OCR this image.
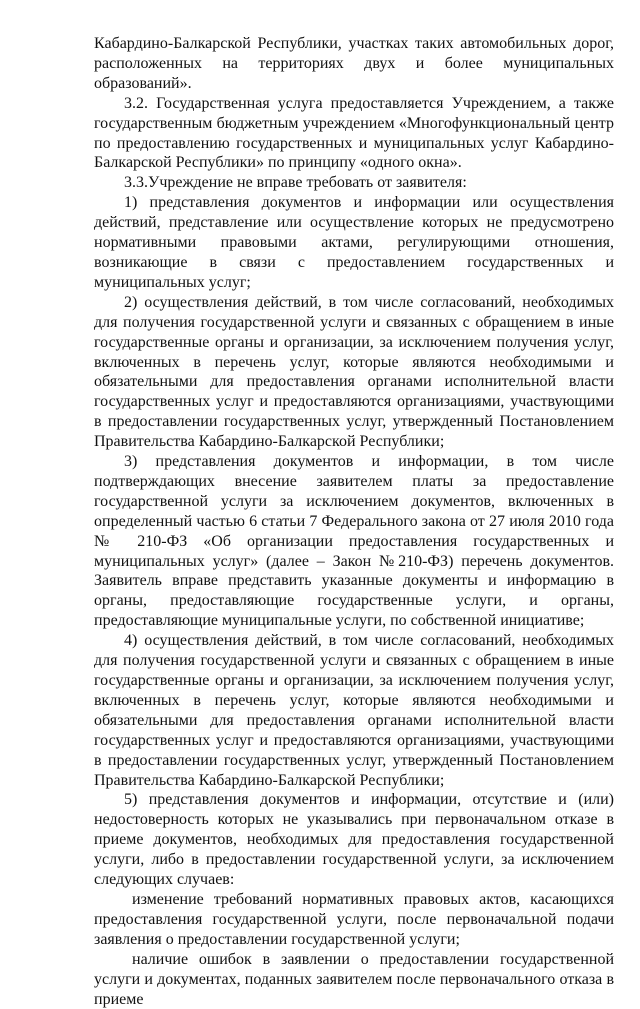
Кабардино-Балкарской Республики, участках таких автомобильных дорог, расположенных на территориях двух и более муниципальных образований».

3.2. Государственная услуга предоставляется Учреждением, а также государственным бюджетным учреждением «Многофункциональный центр по предоставлению государственных и муниципальных услуг Кабардино-Балкарской Республики» по принципу «одного окна».

3.3.Учреждение не вправе требовать от заявителя:

1) представления документов и информации или осуществления действий, представление или осуществление которых не предусмотрено нормативными правовыми актами, регулирующими отношения, возникающие в связи с предоставлением государственных и муниципальных услуг;

2) осуществления действий, в том числе согласований, необходимых для получения государственной услуги и связанных с обращением в иные государственные органы и организации, за исключением получения услуг, включенных в перечень услуг, которые являются необходимыми и обязательными для предоставления органами исполнительной власти государственных услуг и предоставляются организациями, участвующими в предоставлении государственных услуг, утвержденный Постановлением Правительства Кабардино-Балкарской Республики;

3) представления документов и информации, в том числе подтверждающих внесение заявителем платы за предоставление государственной услуги за исключением документов, включенных в определенный частью 6 статьи 7 Федерального закона от 27 июля 2010 года № 210-ФЗ «Об организации предоставления государственных и муниципальных услуг» (далее – Закон №210-ФЗ) перечень документов. Заявитель вправе представить указанные документы и информацию в органы, предоставляющие государственные услуги, и органы, предоставляющие муниципальные услуги, по собственной инициативе;

4) осуществления действий, в том числе согласований, необходимых для получения государственной услуги и связанных с обращением в иные государственные органы и организации, за исключением получения услуг, включенных в перечень услуг, которые являются необходимыми и обязательными для предоставления органами исполнительной власти государственных услуг и предоставляются организациями, участвующими в предоставлении государственных услуг, утвержденный Постановлением Правительства Кабардино-Балкарской Республики;

5) представления документов и информации, отсутствие и (или) недостоверность которых не указывались при первоначальном отказе в приеме документов, необходимых для предоставления государственной услуги, либо в предоставлении государственной услуги, за исключением следующих случаев:

изменение требований нормативных правовых актов, касающихся предоставления государственной услуги, после первоначальной подачи заявления о предоставлении государственной услуги;

наличие ошибок в заявлении о предоставлении государственной услуги и документах, поданных заявителем после первоначального отказа в приеме
